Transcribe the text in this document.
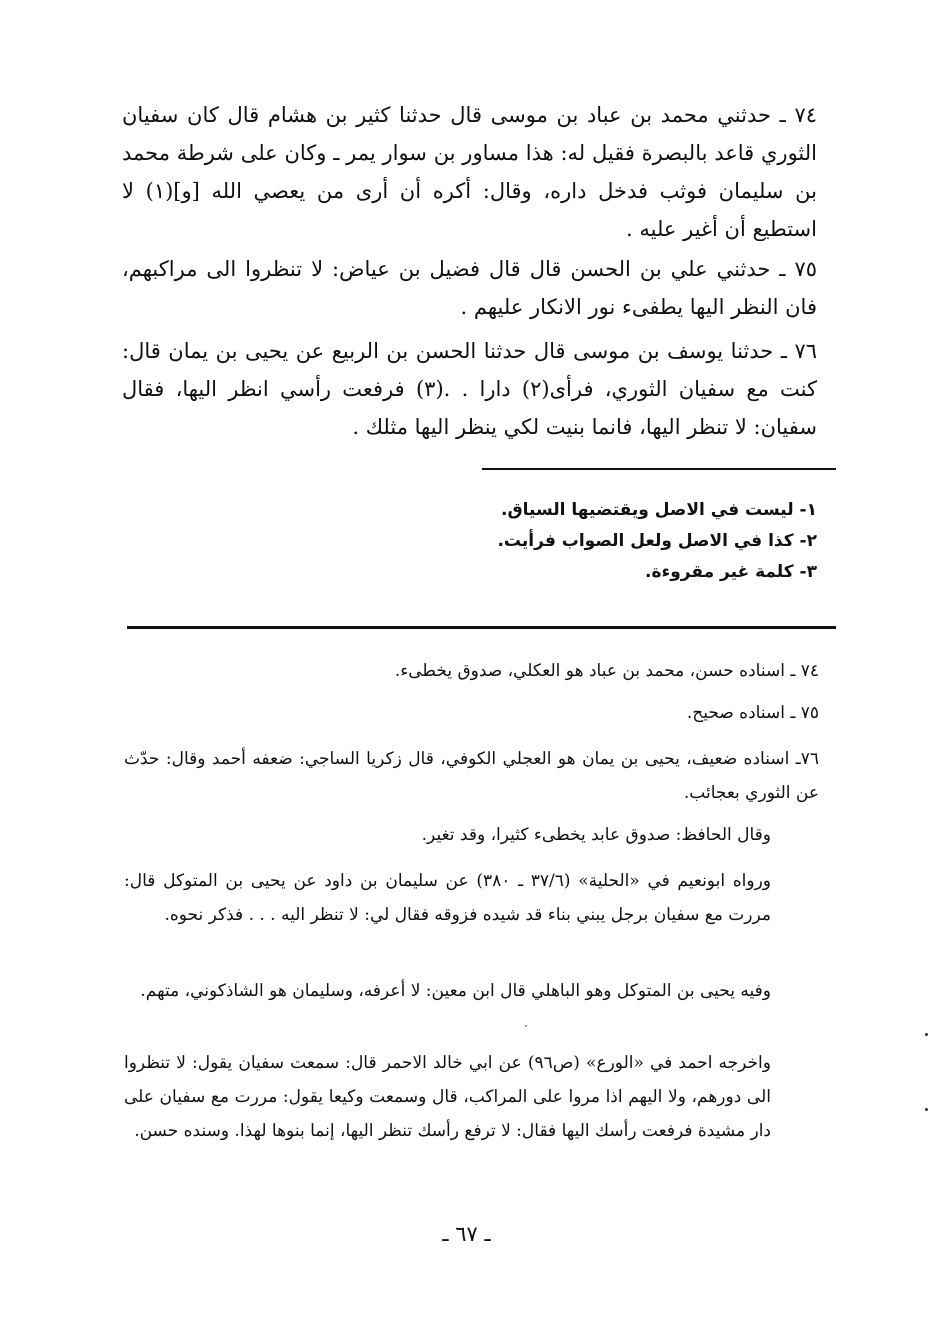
٧٤ ـ حدثني محمد بن عباد بن موسى قال حدثنا كثير بن هشام قال كان سفيان الثوري قاعد بالبصرة فقيل له: هذا مساور بن سوار يمر ـ وكان على شرطة محمد بن سليمان فوثب فدخل داره، وقال: أكره أن أرى من يعصي الله [و](١) لا استطيع أن أغير عليه .

٧٥ ـ حدثني علي بن الحسن قال قال فضيل بن عياض: لا تنظروا الى مراكبهم، فان النظر اليها يطفىء نور الانكار عليهم .

٧٦ ـ حدثنا يوسف بن موسى قال حدثنا الحسن بن الربيع عن يحيى بن يمان قال: كنت مع سفيان الثوري، فرأى(٢) دارا . .(٣) فرفعت رأسي انظر اليها، فقال سفيان: لا تنظر اليها، فانما بنيت لكي ينظر اليها مثلك .

١- ليست في الاصل ويقتضيها السياق.
٢- كذا في الاصل ولعل الصواب فرأيت.
٣- كلمة غير مقروءة.

٧٤ ـ اسناده حسن، محمد بن عباد هو العكلي، صدوق يخطىء.

٧٥ ـ اسناده صحيح.

٧٦ـ اسناده ضعيف، يحيى بن يمان هو العجلي الكوفي، قال زكريا الساجي: ضعفه أحمد وقال: حدّث عن الثوري بعجائب.

وقال الحافظ: صدوق عابد يخطىء كثيرا، وقد تغير.

ورواه ابونعيم في «الحلية» (٣٧/٦ ـ ٣٨٠) عن سليمان بن داود عن يحيى بن المتوكل قال: مررت مع سفيان برجل يبني بناء قد شيده فزوقه فقال لي: لا تنظر اليه . . . فذكر نحوه.

وفيه يحيى بن المتوكل وهو الباهلي قال ابن معين: لا أعرفه، وسليمان هو الشاذكوني، متهم.

واخرجه احمد في «الورع» (ص٩٦) عن ابي خالد الاحمر قال: سمعت سفيان يقول: لا تنظروا الى دورهم، ولا اليهم اذا مروا على المراكب، قال وسمعت وكيعا يقول: مررت مع سفيان على دار مشيدة فرفعت رأسك اليها فقال: لا ترفع رأسك تنظر اليها، إنما بنوها لهذا. وسنده حسن.

ـ ٦٧ ـ
